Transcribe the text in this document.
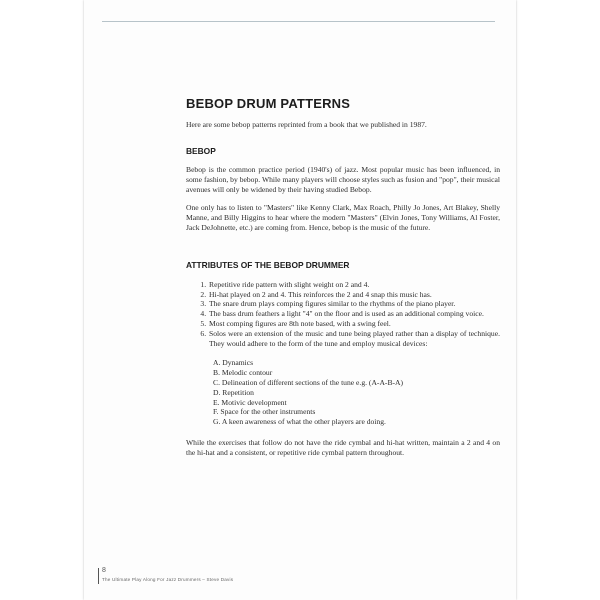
BEBOP DRUM PATTERNS

Here are some bebop patterns reprinted from a book that we published in 1987.

BEBOP

Bebop is the common practice period (1940's) of jazz. Most popular music has been influenced, in some fashion, by bebop. While many players will choose styles such as fusion and "pop", their musical avenues will only be widened by their having studied Bebop.

One only has to listen to "Masters" like Kenny Clark, Max Roach, Philly Jo Jones, Art Blakey, Shelly Manne, and Billy Higgins to hear where the modern "Masters" (Elvin Jones, Tony Williams, Al Foster, Jack DeJohnette, etc.) are coming from. Hence, bebop is the music of the future.

ATTRIBUTES OF THE BEBOP DRUMMER
1. Repetitive ride pattern with slight weight on 2 and 4.
2. Hi-hat played on 2 and 4. This reinforces the 2 and 4 snap this music has.
3. The snare drum plays comping figures similar to the rhythms of the piano player.
4. The bass drum feathers a light "4" on the floor and is used as an additional comping voice.
5. Most comping figures are 8th note based, with a swing feel.
6. Solos were an extension of the music and tune being played rather than a display of technique. They would adhere to the form of the tune and employ musical devices:
A. Dynamics
B. Melodic contour
C. Delineation of different sections of the tune e.g. (A-A-B-A)
D. Repetition
E. Motivic development
F. Space for the other instruments
G. A keen awareness of what the other players are doing.

While the exercises that follow do not have the ride cymbal and hi-hat written, maintain a 2 and 4 on the hi-hat and a consistent, or repetitive ride cymbal pattern throughout.

8
The Ultimate Play Along For Jazz Drummers – Steve Davis
